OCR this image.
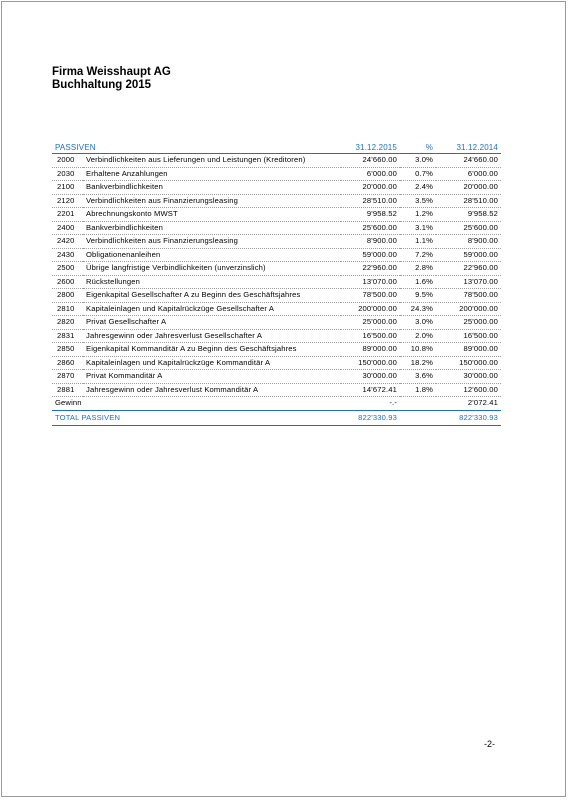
Firma Weisshaupt AG
Buchhaltung 2015
PASSIVEN		31.12.2015	%	31.12.2014
2000	Verbindlichkeiten aus Lieferungen und Leistungen (Kreditoren)	24'660.00	3.0%	24'660.00
2030	Erhaltene Anzahlungen	6'000.00	0.7%	6'000.00
2100	Bankverbindlichkeiten	20'000.00	2.4%	20'000.00
2120	Verbindlichkeiten aus Finanzierungsleasing	28'510.00	3.5%	28'510.00
2201	Abrechnungskonto MWST	9'958.52	1.2%	9'958.52
2400	Bankverbindlichkeiten	25'600.00	3.1%	25'600.00
2420	Verbindlichkeiten aus Finanzierungsleasing	8'900.00	1.1%	8'900.00
2430	Obligationenanleihen	59'000.00	7.2%	59'000.00
2500	Übrige langfristige Verbindlichkeiten (unverzinslich)	22'960.00	2.8%	22'960.00
2600	Rückstellungen	13'070.00	1.6%	13'070.00
2800	Eigenkapital Gesellschafter A zu Beginn des Geschäftsjahres	78'500.00	9.5%	78'500.00
2810	Kapitaleinlagen und Kapitalrückzüge Gesellschafter A	200'000.00	24.3%	200'000.00
2820	Privat Gesellschafter A	25'000.00	3.0%	25'000.00
2831	Jahresgewinn oder Jahresverlust Gesellschafter A	16'500.00	2.0%	16'500.00
2850	Eigenkapital Kommanditär A zu Beginn des Geschäftsjahres	89'000.00	10.8%	89'000.00
2860	Kapitaleinlagen und Kapitalrückzüge Kommanditär A	150'000.00	18.2%	150'000.00
2870	Privat Kommanditär A	30'000.00	3.6%	30'000.00
2881	Jahresgewinn oder Jahresverlust Kommanditär A	14'672.41	1.8%	12'600.00
Gewinn		-.-		2'072.41
TOTAL PASSIVEN		822'330.93		822'330.93
-2-
